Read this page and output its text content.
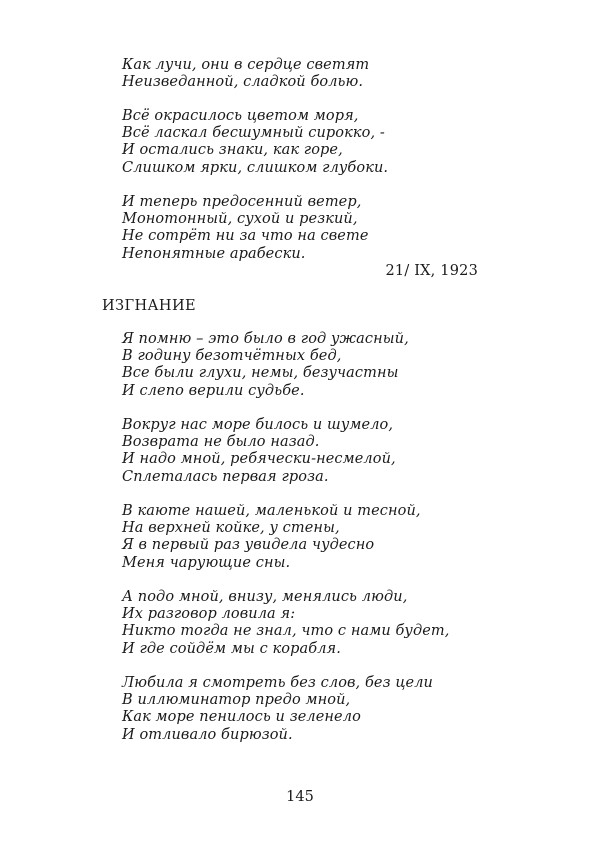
Как лучи, они в сердце светят
Неизведанной, сладкой болью.
Всё окрасилось цветом моря,
Всё ласкал бесшумный сирокко, -
И остались знаки, как горе,
Слишком ярки, слишком глубоки.
И теперь предосенний ветер,
Монотонный, сухой и резкий,
Не сотрёт ни за что на свете
Непонятные арабески.
21/ IX, 1923
ИЗГНАНИЕ
Я помню – это было в год ужасный,
В годину безотчётных бед,
Все были глухи, немы, безучастны
И слепо верили судьбе.
Вокруг нас море билось и шумело,
Возврата не было назад.
И надо мной, ребячески-несмелой,
Сплеталась первая гроза.
В каюте нашей, маленькой и тесной,
На верхней койке, у стены,
Я в первый раз увидела чудесно
Меня чарующие сны.
А подо мной, внизу, менялись люди,
Их разговор ловила я:
Никто тогда не знал, что с нами будет,
И где сойдём мы с корабля.
Любила я смотреть без слов, без цели
В иллюминатор предо мной,
Как море пенилось и зеленело
И отливало бирюзой.
145
